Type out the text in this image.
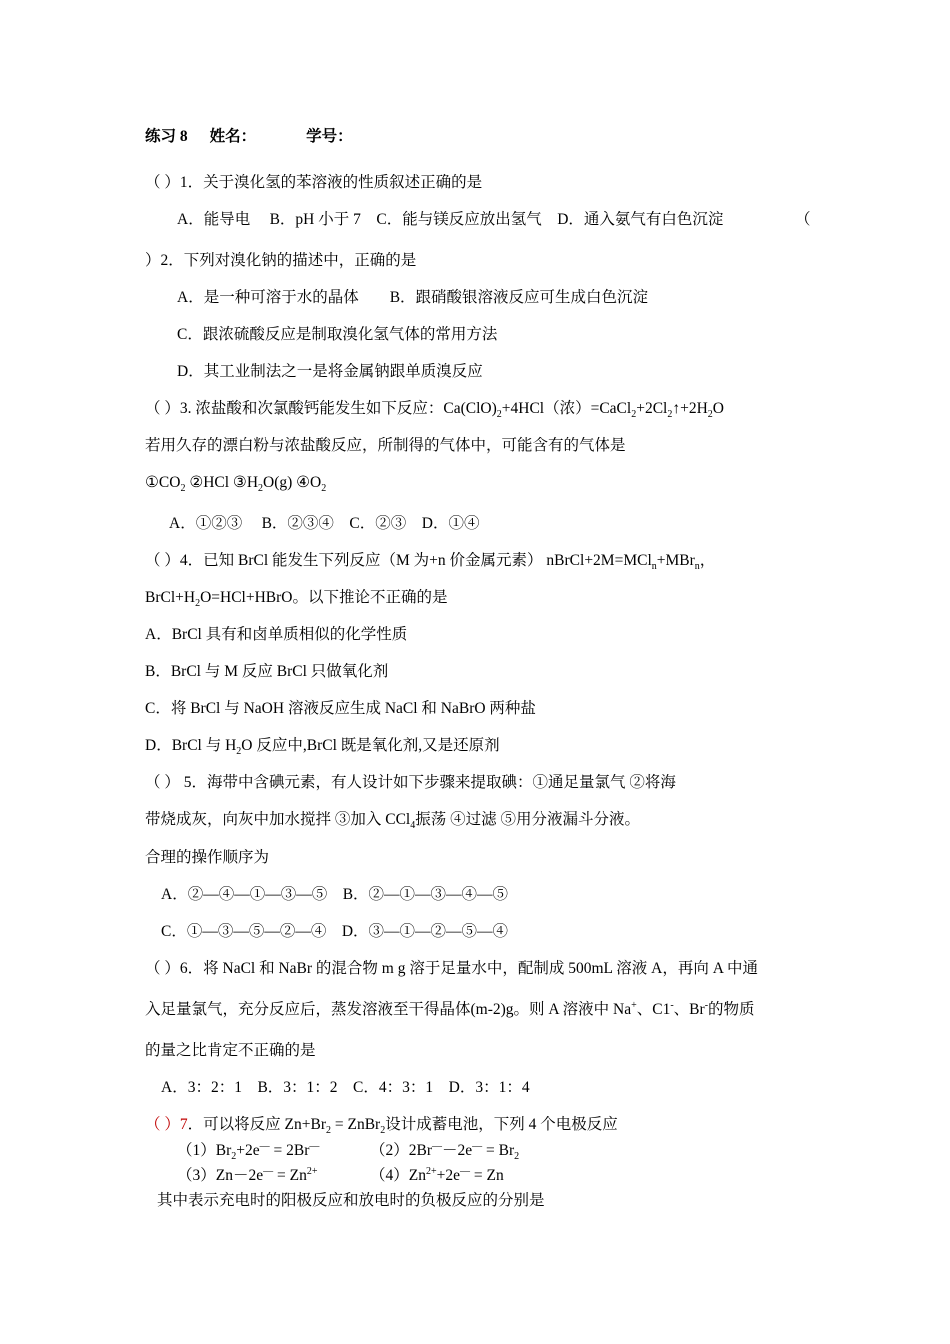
练习 8 姓名：	学号：
（ ）1．关于溴化氢的苯溶液的性质叙述正确的是
A．能导电　 B．pH 小于 7　C．能与镁反应放出氢气　D．通入氨气有白色沉淀	（
）2．下列对溴化钠的描述中，正确的是
A．是一种可溶于水的晶体　　B．跟硝酸银溶液反应可生成白色沉淀
C．跟浓硫酸反应是制取溴化氢气体的常用方法
D．其工业制法之一是将金属钠跟单质溴反应
（ ）3. 浓盐酸和次氯酸钙能发生如下反应：$Ca(ClO)_2+4HCl$（浓）$=CaCl_2+2Cl_2↑+2H_2O$
若用久存的漂白粉与浓盐酸反应，所制得的气体中，可能含有的气体是
$①CO_2$ ②HCl $③H_2O(g)$ $④O_2$
A．①②③　 B．②③④　C．②③　D．①④
（ ）4．已知 BrCl 能发生下列反应（M 为+n 价金属元素） nBrCl+2M=MCl$_n$+MBr$_n$，
$BrCl+H_2O=HCl+HBrO$。以下推论不正确的是
A．BrCl 具有和卤单质相似的化学性质
B．BrCl 与 M 反应 BrCl 只做氧化剂
C．将 BrCl 与 NaOH 溶液反应生成 NaCl 和 NaBrO 两种盐
D．BrCl 与 $H_2O$ 反应中,BrCl 既是氧化剂,又是还原剂
（ ） 5．海带中含碘元素，有人设计如下步骤来提取碘：①通足量氯气 ②将海
带烧成灰，向灰中加水搅拌 ③加入 CCl$_4$振荡 ④过滤 ⑤用分液漏斗分液。
合理的操作顺序为
A．②—④—①—③—⑤　B．②—①—③—④—⑤
C．①—③—⑤—②—④　D．③—①—②—⑤—④
（ ）6．将 NaCl 和 NaBr 的混合物 m g 溶于足量水中，配制成 500mL 溶液 A，再向 A 中通
入足量氯气，充分反应后，蒸发溶液至干得晶体(m-2)g。则 A 溶液中 Na+、C1-、Br-的物质
的量之比肯定不正确的是
A．3：2：1　B．3：1：2　C．4：3：1　D．3：1：4
（ ）7．可以将反应 $Zn+Br_2$ = ZnBr$_2$设计成蓄电池，下列 4 个电极反应
$(1)Br_2+2e^— = 2Br^—$	$(2)2Br^—-2e^— = Br_2$
$(3)Zn-2e^— = Zn^{2+}$	$(4)Zn^{2+}+2e^— = Zn$
其中表示充电时的阳极反应和放电时的负极反应的分别是
